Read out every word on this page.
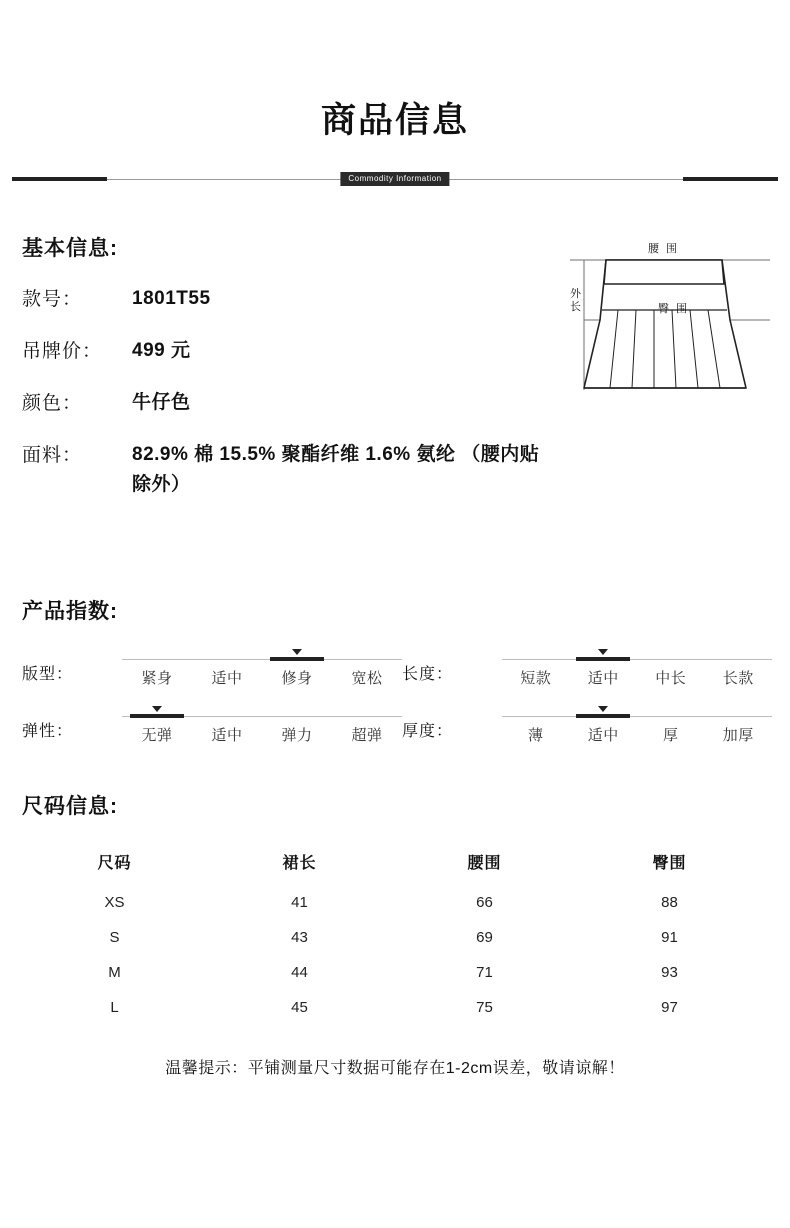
商品信息
Commodity Information
基本信息:
款号：	1801T55
吊牌价：	499 元
颜色：	牛仔色
面料：	82.9% 棉 15.5% 聚酯纤维 1.6% 氨纶 （腰内贴除外）
腰 围
臀 围
外长
产品指数:
版型：	紧身	适中	修身	宽松
弹性：	无弹	适中	弹力	超弹
长度：	短款	适中	中长	长款
厚度：	薄	适中	厚	加厚
尺码信息:
尺码	裙长	腰围	臀围
XS	41	66	88
S	43	69	91
M	44	71	93
L	45	75	97
温馨提示：平铺测量尺寸数据可能存在1-2cm误差，敬请谅解！
